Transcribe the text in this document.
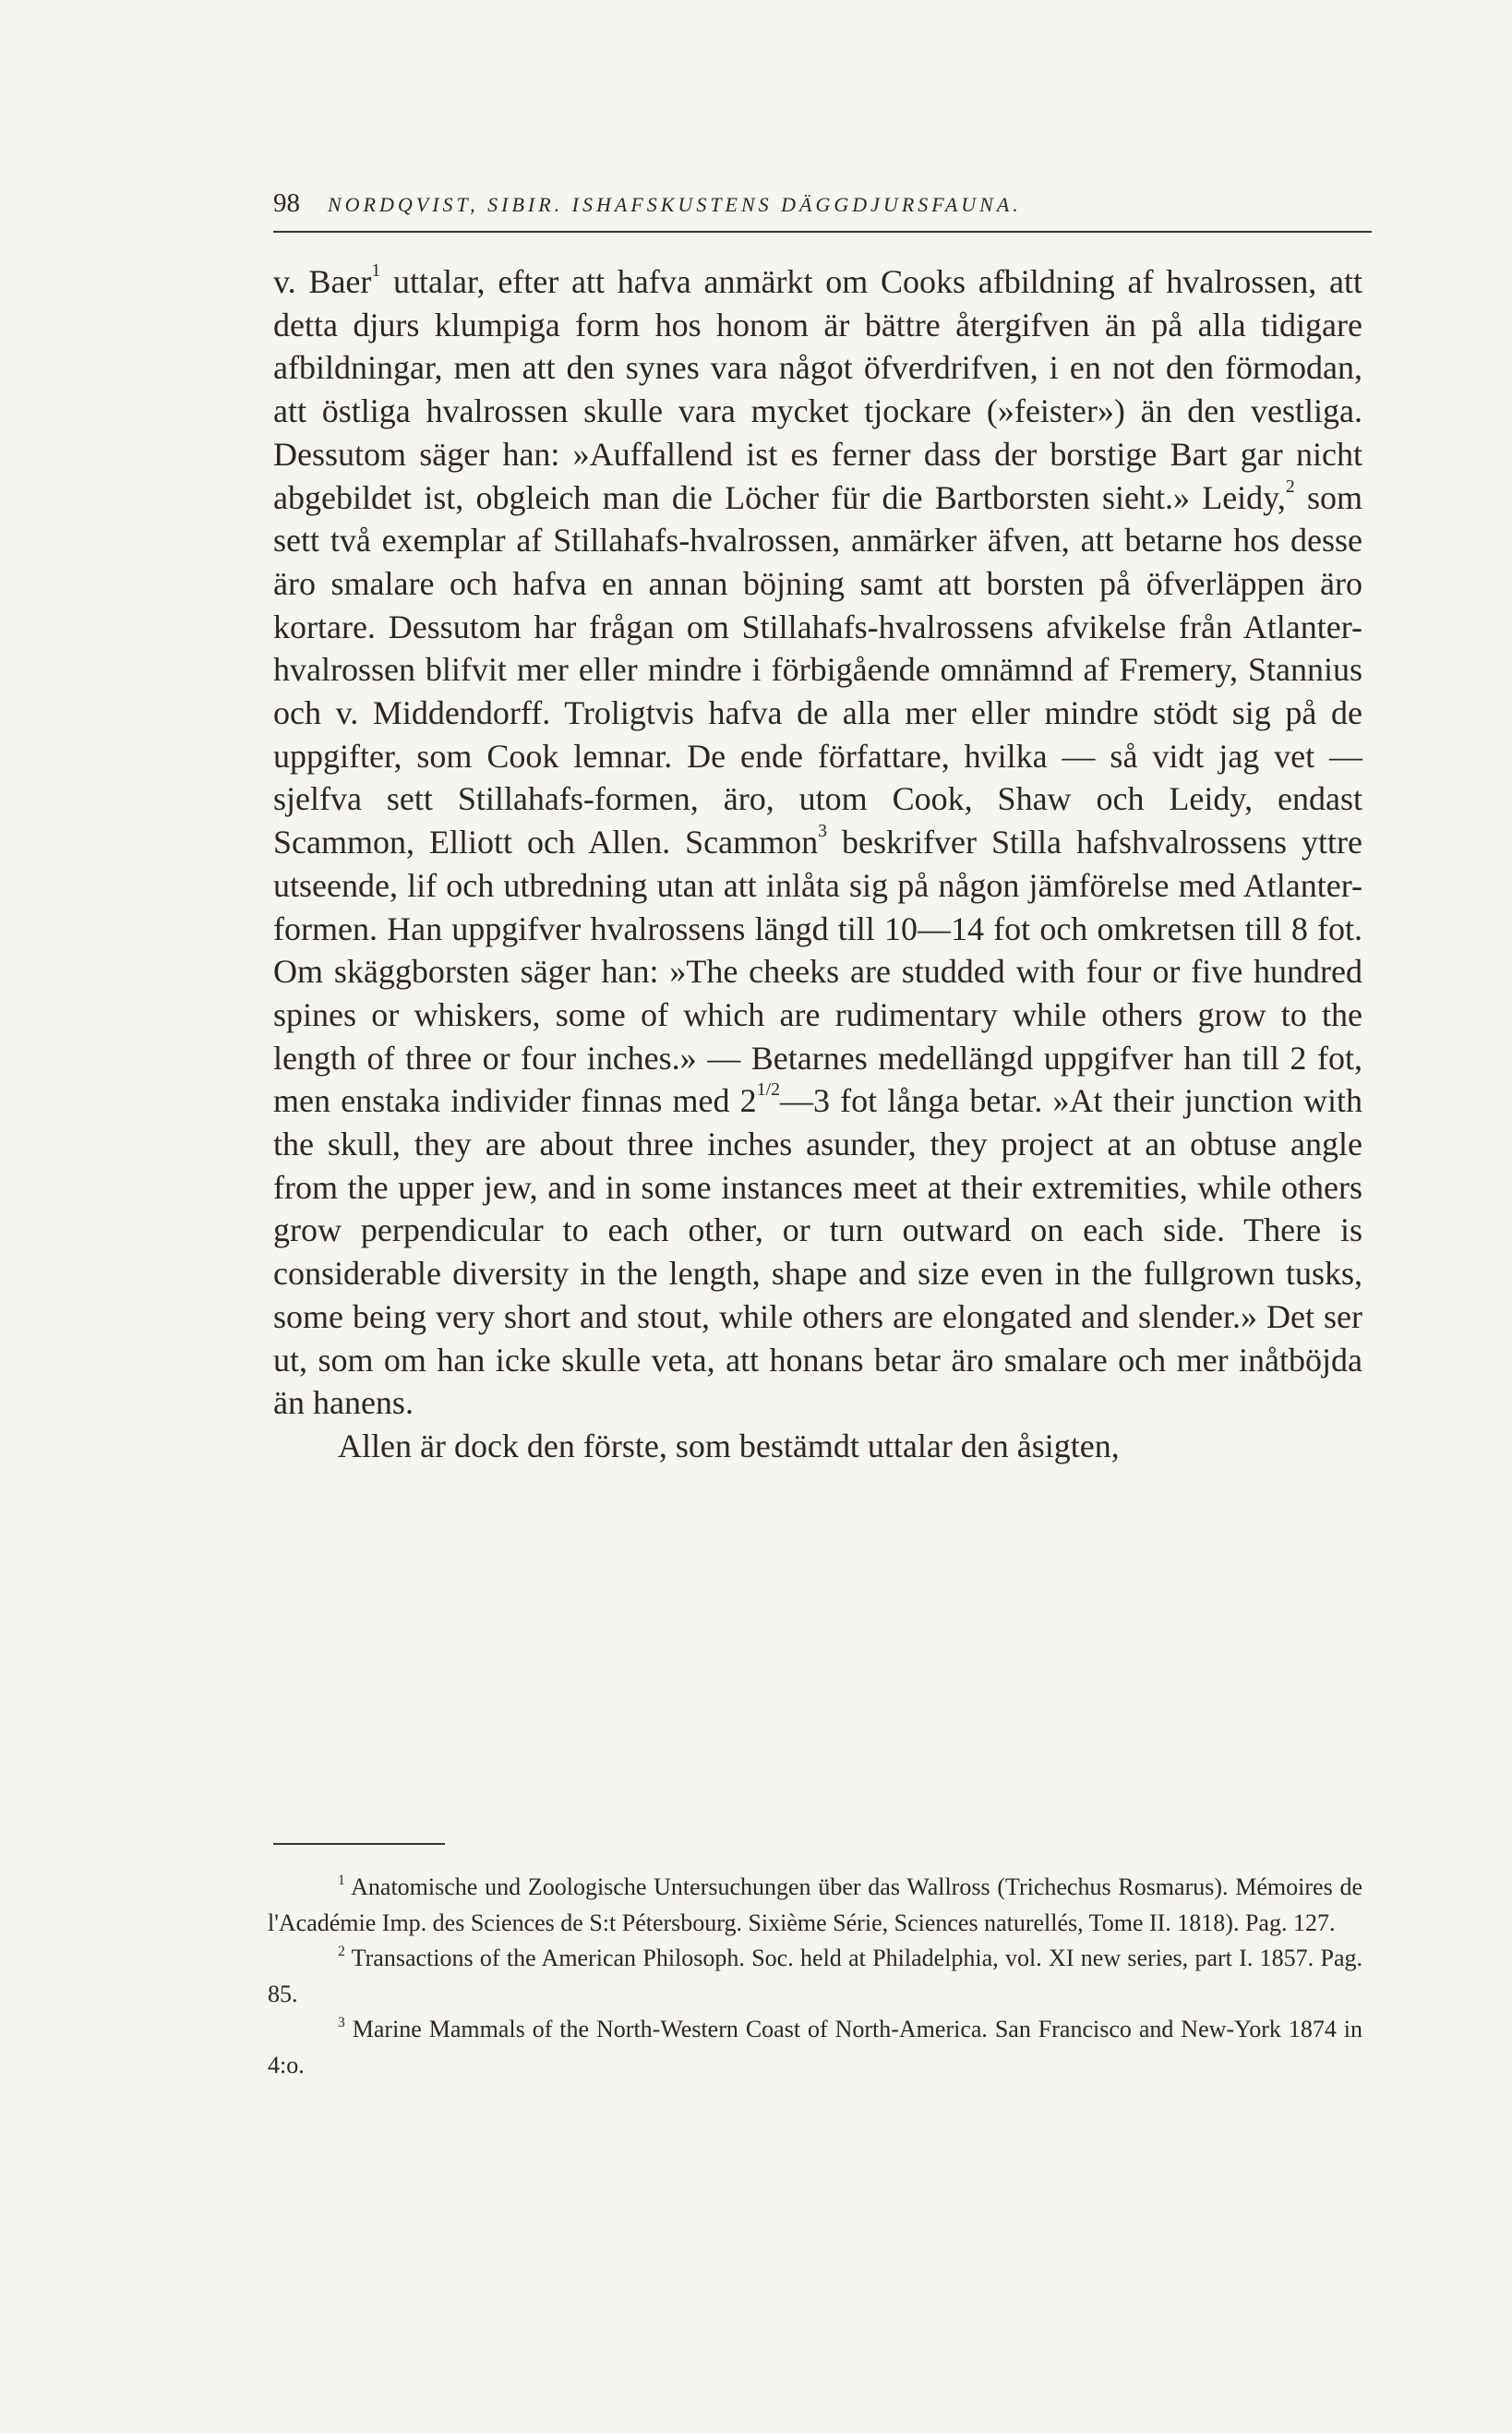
98 NORDQVIST, SIBIR. ISHAFSKUSTENS DÄGGDJURSFAUNA.

v. Baer$^1$ uttalar, efter att hafva anmärkt om Cooks afbildning af hvalrossen, att detta djurs klumpiga form hos honom är bättre återgifven än på alla tidigare afbildningar, men att den synes vara något öfverdrifven, i en not den förmodan, att östliga hvalrossen skulle vara mycket tjockare (»feister») än den vestliga. Dessutom säger han: »Auffallend ist es ferner dass der borstige Bart gar nicht abgebildet ist, obgleich man die Löcher für die Bartborsten sieht.» Leidy,$^2$ som sett två exemplar af Stillahafs-hvalrossen, anmärker äfven, att betarne hos desse äro smalare och hafva en annan böjning samt att borsten på öfverläppen äro kortare. Dessutom har frågan om Stillahafs-hvalrossens afvikelse från Atlanter-hvalrossen blifvit mer eller mindre i förbigående omnämnd af Fremery, Stannius och v. Middendorff. Troligtvis hafva de alla mer eller mindre stödt sig på de uppgifter, som Cook lemnar. De ende författare, hvilka — så vidt jag vet — sjelfva sett Stillahafs-formen, äro, utom Cook, Shaw och Leidy, endast Scammon, Elliott och Allen. Scammon$^3$ beskrifver Stilla hafshvalrossens yttre utseende, lif och utbredning utan att inlåta sig på någon jämförelse med Atlanter-formen. Han uppgifver hvalrossens längd till 10—14 fot och omkretsen till 8 fot. Om skäggborsten säger han: »The cheeks are studded with four or five hundred spines or whiskers, some of which are rudimentary while others grow to the length of three or four inches.» — Betarnes medellängd uppgifver han till 2 fot, men enstaka individer finnas med $2^{1/2}—3$ fot långa betar. »At their junction with the skull, they are about three inches asunder, they project at an obtuse angle from the upper jew, and in some instances meet at their extremities, while others grow perpendicular to each other, or turn outward on each side. There is considerable diversity in the length, shape and size even in the fullgrown tusks, some being very short and stout, while others are elongated and slender.» Det ser ut, som om han icke skulle veta, att honans betar äro smalare och mer inåtböjda än hanens.

Allen är dock den förste, som bestämdt uttalar den åsigten,

$^1$ Anatomische und Zoologische Untersuchungen über das Wallross (Trichechus Rosmarus). Mémoires de l'Académie Imp. des Sciences de S:t Pétersbourg. Sixième Série, Sciences naturellés, Tome II. 1818). Pag. 127.

$^2$ Transactions of the American Philosoph. Soc. held at Philadelphia, vol. XI new series, part I. 1857. Pag. 85.

$^3$ Marine Mammals of the North-Western Coast of North-America. San Francisco and New-York 1874 in 4:o.
